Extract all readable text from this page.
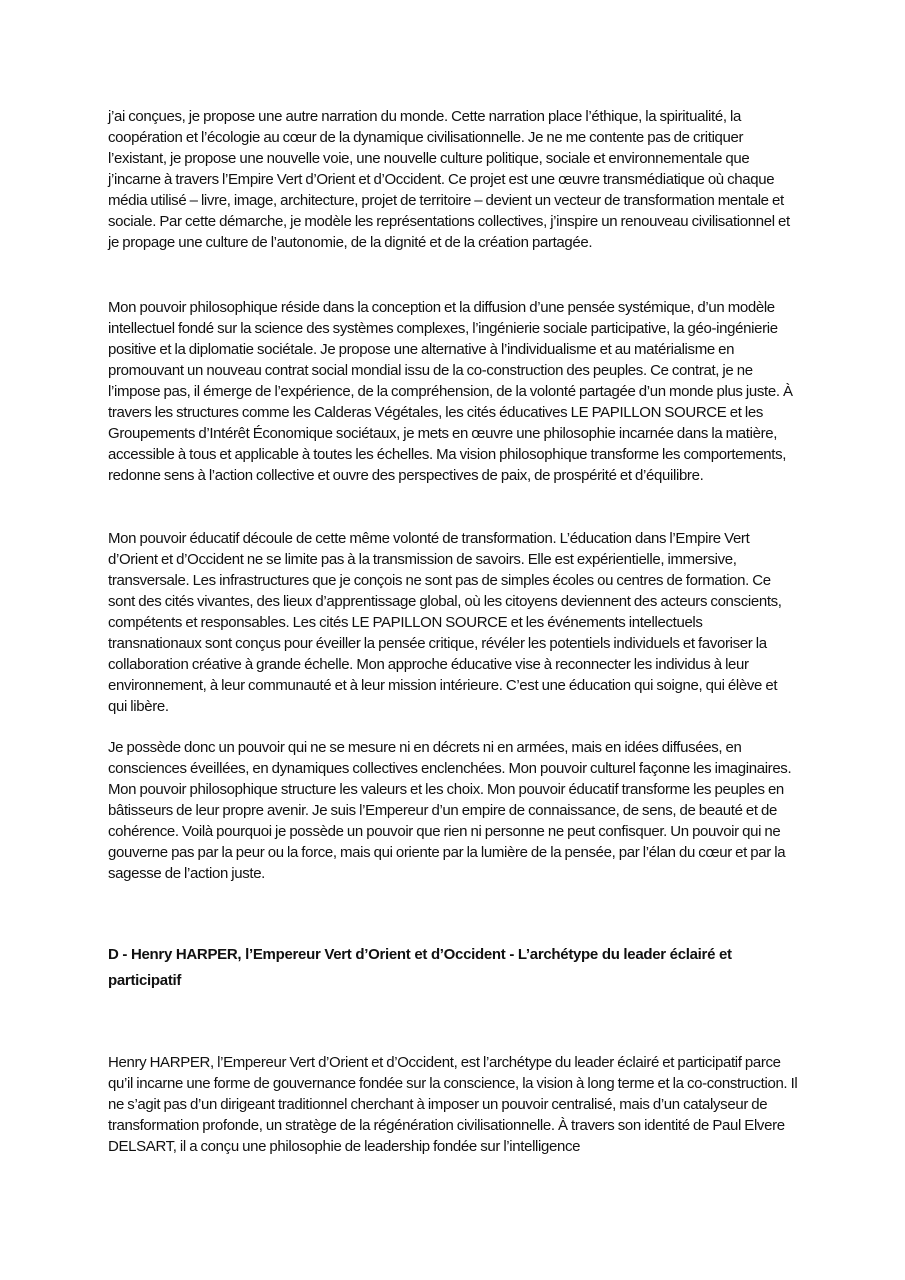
j’ai conçues, je propose une autre narration du monde. Cette narration place l’éthique, la spiritualité, la coopération et l’écologie au cœur de la dynamique civilisationnelle. Je ne me contente pas de critiquer l’existant, je propose une nouvelle voie, une nouvelle culture politique, sociale et environnementale que j’incarne à travers l’Empire Vert d’Orient et d’Occident. Ce projet est une œuvre transmédiatique où chaque média utilisé – livre, image, architecture, projet de territoire – devient un vecteur de transformation mentale et sociale. Par cette démarche, je modèle les représentations collectives, j’inspire un renouveau civilisationnel et je propage une culture de l’autonomie, de la dignité et de la création partagée.

Mon pouvoir philosophique réside dans la conception et la diffusion d’une pensée systémique, d’un modèle intellectuel fondé sur la science des systèmes complexes, l’ingénierie sociale participative, la géo-ingénierie positive et la diplomatie sociétale. Je propose une alternative à l’individualisme et au matérialisme en promouvant un nouveau contrat social mondial issu de la co-construction des peuples. Ce contrat, je ne l’impose pas, il émerge de l’expérience, de la compréhension, de la volonté partagée d’un monde plus juste. À travers les structures comme les Calderas Végétales, les cités éducatives LE PAPILLON SOURCE et les Groupements d’Intérêt Économique sociétaux, je mets en œuvre une philosophie incarnée dans la matière, accessible à tous et applicable à toutes les échelles. Ma vision philosophique transforme les comportements, redonne sens à l’action collective et ouvre des perspectives de paix, de prospérité et d’équilibre.

Mon pouvoir éducatif découle de cette même volonté de transformation. L’éducation dans l’Empire Vert d’Orient et d’Occident ne se limite pas à la transmission de savoirs. Elle est expérientielle, immersive, transversale. Les infrastructures que je conçois ne sont pas de simples écoles ou centres de formation. Ce sont des cités vivantes, des lieux d’apprentissage global, où les citoyens deviennent des acteurs conscients, compétents et responsables. Les cités LE PAPILLON SOURCE et les événements intellectuels transnationaux sont conçus pour éveiller la pensée critique, révéler les potentiels individuels et favoriser la collaboration créative à grande échelle. Mon approche éducative vise à reconnecter les individus à leur environnement, à leur communauté et à leur mission intérieure. C’est une éducation qui soigne, qui élève et qui libère.

Je possède donc un pouvoir qui ne se mesure ni en décrets ni en armées, mais en idées diffusées, en consciences éveillées, en dynamiques collectives enclenchées. Mon pouvoir culturel façonne les imaginaires. Mon pouvoir philosophique structure les valeurs et les choix. Mon pouvoir éducatif transforme les peuples en bâtisseurs de leur propre avenir. Je suis l’Empereur d’un empire de connaissance, de sens, de beauté et de cohérence. Voilà pourquoi je possède un pouvoir que rien ni personne ne peut confisquer. Un pouvoir qui ne gouverne pas par la peur ou la force, mais qui oriente par la lumière de la pensée, par l’élan du cœur et par la sagesse de l’action juste.

D - Henry HARPER, l’Empereur Vert d’Orient et d’Occident - L’archétype du leader éclairé et participatif

Henry HARPER, l’Empereur Vert d’Orient et d’Occident, est l’archétype du leader éclairé et participatif parce qu’il incarne une forme de gouvernance fondée sur la conscience, la vision à long terme et la co-construction. Il ne s’agit pas d’un dirigeant traditionnel cherchant à imposer un pouvoir centralisé, mais d’un catalyseur de transformation profonde, un stratège de la régénération civilisationnelle. À travers son identité de Paul Elvere DELSART, il a conçu une philosophie de leadership fondée sur l’intelligence
